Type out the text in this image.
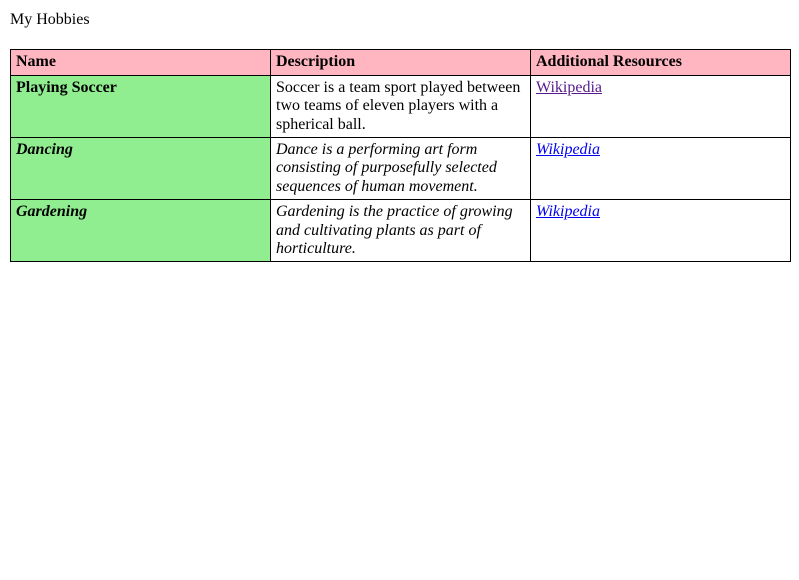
My Hobbies

Name	Description	Additional Resources
Playing Soccer	Soccer is a team sport played between two teams of eleven players with a spherical ball.	Wikipedia
Dancing	Dance is a performing art form consisting of purposefully selected sequences of human movement.	Wikipedia
Gardening	Gardening is the practice of growing and cultivating plants as part of horticulture.	Wikipedia
